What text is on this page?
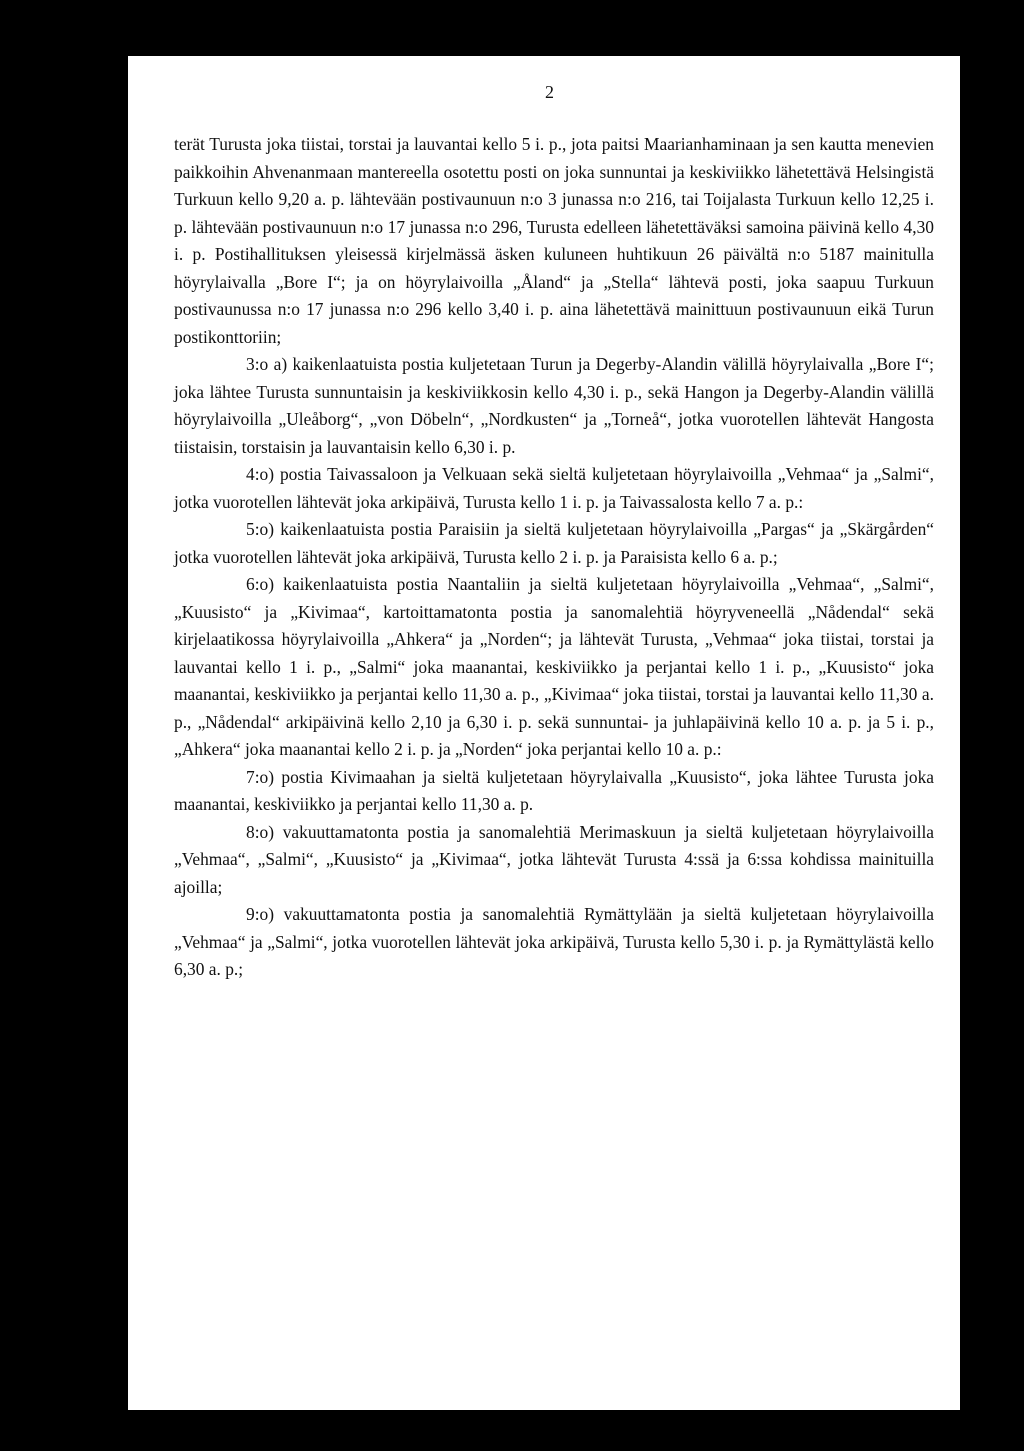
2

terät Turusta joka tiistai, torstai ja lauvantai kello 5 i. p., jota paitsi Maarianhaminaan ja sen kautta menevien paikkoihin Ahvenanmaan mantereella osotettu posti on joka sunnuntai ja keskiviikko lähetettävä Helsingistä Turkuun kello 9,20 a. p. lähtevään postivaunuun n:o 3 junassa n:o 216, tai Toijalasta Turkuun kello 12,25 i. p. lähtevään postivaunuun n:o 17 junassa n:o 296, Turusta edelleen lähetettäväksi samoina päivinä kello 4,30 i. p. Postihallituksen yleisessä kirjelmässä äsken kuluneen huhtikuun 26 päivältä n:o 5187 mainitulla höyrylaivalla „Bore I“; ja on höyrylaivoilla „Åland“ ja „Stella“ lähtevä posti, joka saapuu Turkuun postivaunussa n:o 17 junassa n:o 296 kello 3,40 i. p. aina lähetettävä mainittuun postivaunuun eikä Turun postikonttoriin;

3:o a) kaikenlaatuista postia kuljetetaan Turun ja Degerby-Alandin välillä höyrylaivalla „Bore I“; joka lähtee Turusta sunnuntaisin ja keskiviikkosin kello 4,30 i. p., sekä Hangon ja Degerby-Alandin välillä höyrylaivoilla „Uleåborg“, „von Döbeln“, „Nordkusten“ ja „Torneå“, jotka vuorotellen lähtevät Hangosta tiistaisin, torstaisin ja lauvantaisin kello 6,30 i. p.

4:o) postia Taivassaloon ja Velkuaan sekä sieltä kuljetetaan höyrylaivoilla „Vehmaa“ ja „Salmi“, jotka vuorotellen lähtevät joka arkipäivä, Turusta kello 1 i. p. ja Taivassalosta kello 7 a. p.:

5:o) kaikenlaatuista postia Paraisiin ja sieltä kuljetetaan höyrylaivoilla „Pargas“ ja „Skärgården“ jotka vuorotellen lähtevät joka arkipäivä, Turusta kello 2 i. p. ja Paraisista kello 6 a. p.;

6:o) kaikenlaatuista postia Naantaliin ja sieltä kuljetetaan höyrylaivoilla „Vehmaa“, „Salmi“, „Kuusisto“ ja „Kivimaa“, kartoittamatonta postia ja sanomalehtiä höyryveneellä „Nådendal“ sekä kirjelaatikossa höyrylaivoilla „Ahkera“ ja „Norden“; ja lähtevät Turusta, „Vehmaa“ joka tiistai, torstai ja lauvantai kello 1 i. p., „Salmi“ joka maanantai, keskiviikko ja perjantai kello 1 i. p., „Kuusisto“ joka maanantai, keskiviikko ja perjantai kello 11,30 a. p., „Kivimaa“ joka tiistai, torstai ja lauvantai kello 11,30 a. p., „Nådendal“ arkipäivinä kello 2,10 ja 6,30 i. p. sekä sunnuntai- ja juhlapäivinä kello 10 a. p. ja 5 i. p., „Ahkera“ joka maanantai kello 2 i. p. ja „Norden“ joka perjantai kello 10 a. p.:

7:o) postia Kivimaahan ja sieltä kuljetetaan höyrylaivalla „Kuusisto“, joka lähtee Turusta joka maanantai, keskiviikko ja perjantai kello 11,30 a. p.

8:o) vakuuttamatonta postia ja sanomalehtiä Merimaskuun ja sieltä kuljetetaan höyrylaivoilla „Vehmaa“, „Salmi“, „Kuusisto“ ja „Kivimaa“, jotka lähtevät Turusta 4:ssä ja 6:ssa kohdissa mainituilla ajoilla;

9:o) vakuuttamatonta postia ja sanomalehtiä Rymättylään ja sieltä kuljetetaan höyrylaivoilla „Vehmaa“ ja „Salmi“, jotka vuorotellen lähtevät joka arkipäivä, Turusta kello 5,30 i. p. ja Rymättylästä kello 6,30 a. p.;
